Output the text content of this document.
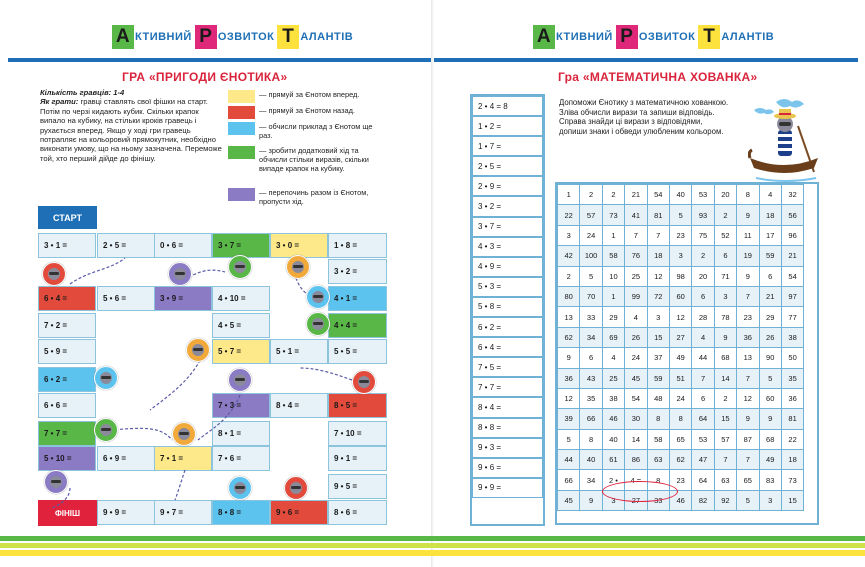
А КТИВНИЙ Р ОЗВИТОК Т АЛАНТІВ
ГРА «ПРИГОДИ ЄНОТИКА»
Кількість гравців: 1-4
Як грати: гравці ставлять свої фішки на старт. Потім по черзі кидають кубик. Скільки крапок випало на кубику, на стільки кроків гравець і рухається вперед. Якщо у ході гри гравець потрапляє на кольоровий прямокутник, необхідно виконати умову, що на ньому зазначена. Переможе той, хто перший дійде до фінішу.
— прямуй за Єнотом вперед.
— прямуй за Єнотом назад.
— обчисли приклад з Єнотом ще раз.
— зробити додатковий хід та обчисли стільки виразів, скільки випаде крапок на кубику.
— перепочинь разом із Єнотом, пропусти хід.
СТАРТ
ФІНІШ
3 • 1 =	2 • 5 =	0 • 6 =	3 • 7 =	3 • 0 =	1 • 8 =
3 • 2 =
6 • 4 =	5 • 6 =	3 • 9 =	4 • 10 =	4 • 1 =
4 • 4 =
7 • 2 =	4 • 5 =
5 • 9 =	5 • 7 =	5 • 1 =	5 • 5 =
6 • 2 =
6 • 6 =	7 • 3 =	8 • 4 =	8 • 5 =
7 • 7 =	8 • 1 =	7 • 10 =
5 • 10 =	6 • 9 =	7 • 1 =	7 • 6 =	9 • 1 =
9 • 5 =
9 • 9 =	9 • 7 =	8 • 8 =	9 • 6 =	8 • 6 =
А КТИВНИЙ Р ОЗВИТОК Т АЛАНТІВ
Гра «МАТЕМАТИЧНА ХОВАНКА»
2 • 4 = 8
1 • 2 =
1 • 7 =
2 • 5 =
2 • 9 =
3 • 2 =
3 • 7 =
4 • 3 =
4 • 9 =
5 • 3 =
5 • 8 =
6 • 2 =
6 • 4 =
7 • 5 =
7 • 7 =
8 • 4 =
8 • 8 =
9 • 3 =
9 • 6 =
9 • 9 =
Допоможи Єнотику з математичною хованкою. Зліва обчисли вирази та запиши відповідь. Справа знайди ці вирази з відповідями, допиши знаки і обведи улюбленим кольором.
1	2	2	21	54	40	53	20	8	4	32
22	57	73	41	81	5	93	2	9	18	56
3	24	1	7	7	23	75	52	11	17	96
42	100	58	76	18	3	2	6	19	59	21
2	5	10	25	12	98	20	71	9	6	54
80	70	1	99	72	60	6	3	7	21	97
13	33	29	4	3	12	28	78	23	29	77
62	34	69	26	15	27	4	9	36	26	38
9	6	4	24	37	49	44	68	13	90	50
36	43	25	45	59	51	7	14	7	5	35
12	35	38	54	48	24	6	2	12	60	36
39	66	46	30	8	8	64	15	9	9	81
5	8	40	14	58	65	53	57	87	68	22
44	40	61	86	63	62	47	7	7	49	18
66	34	2 •	4 =	8	23	64	63	65	83	73
45	9	3	27	33	46	82	92	5	3	15
